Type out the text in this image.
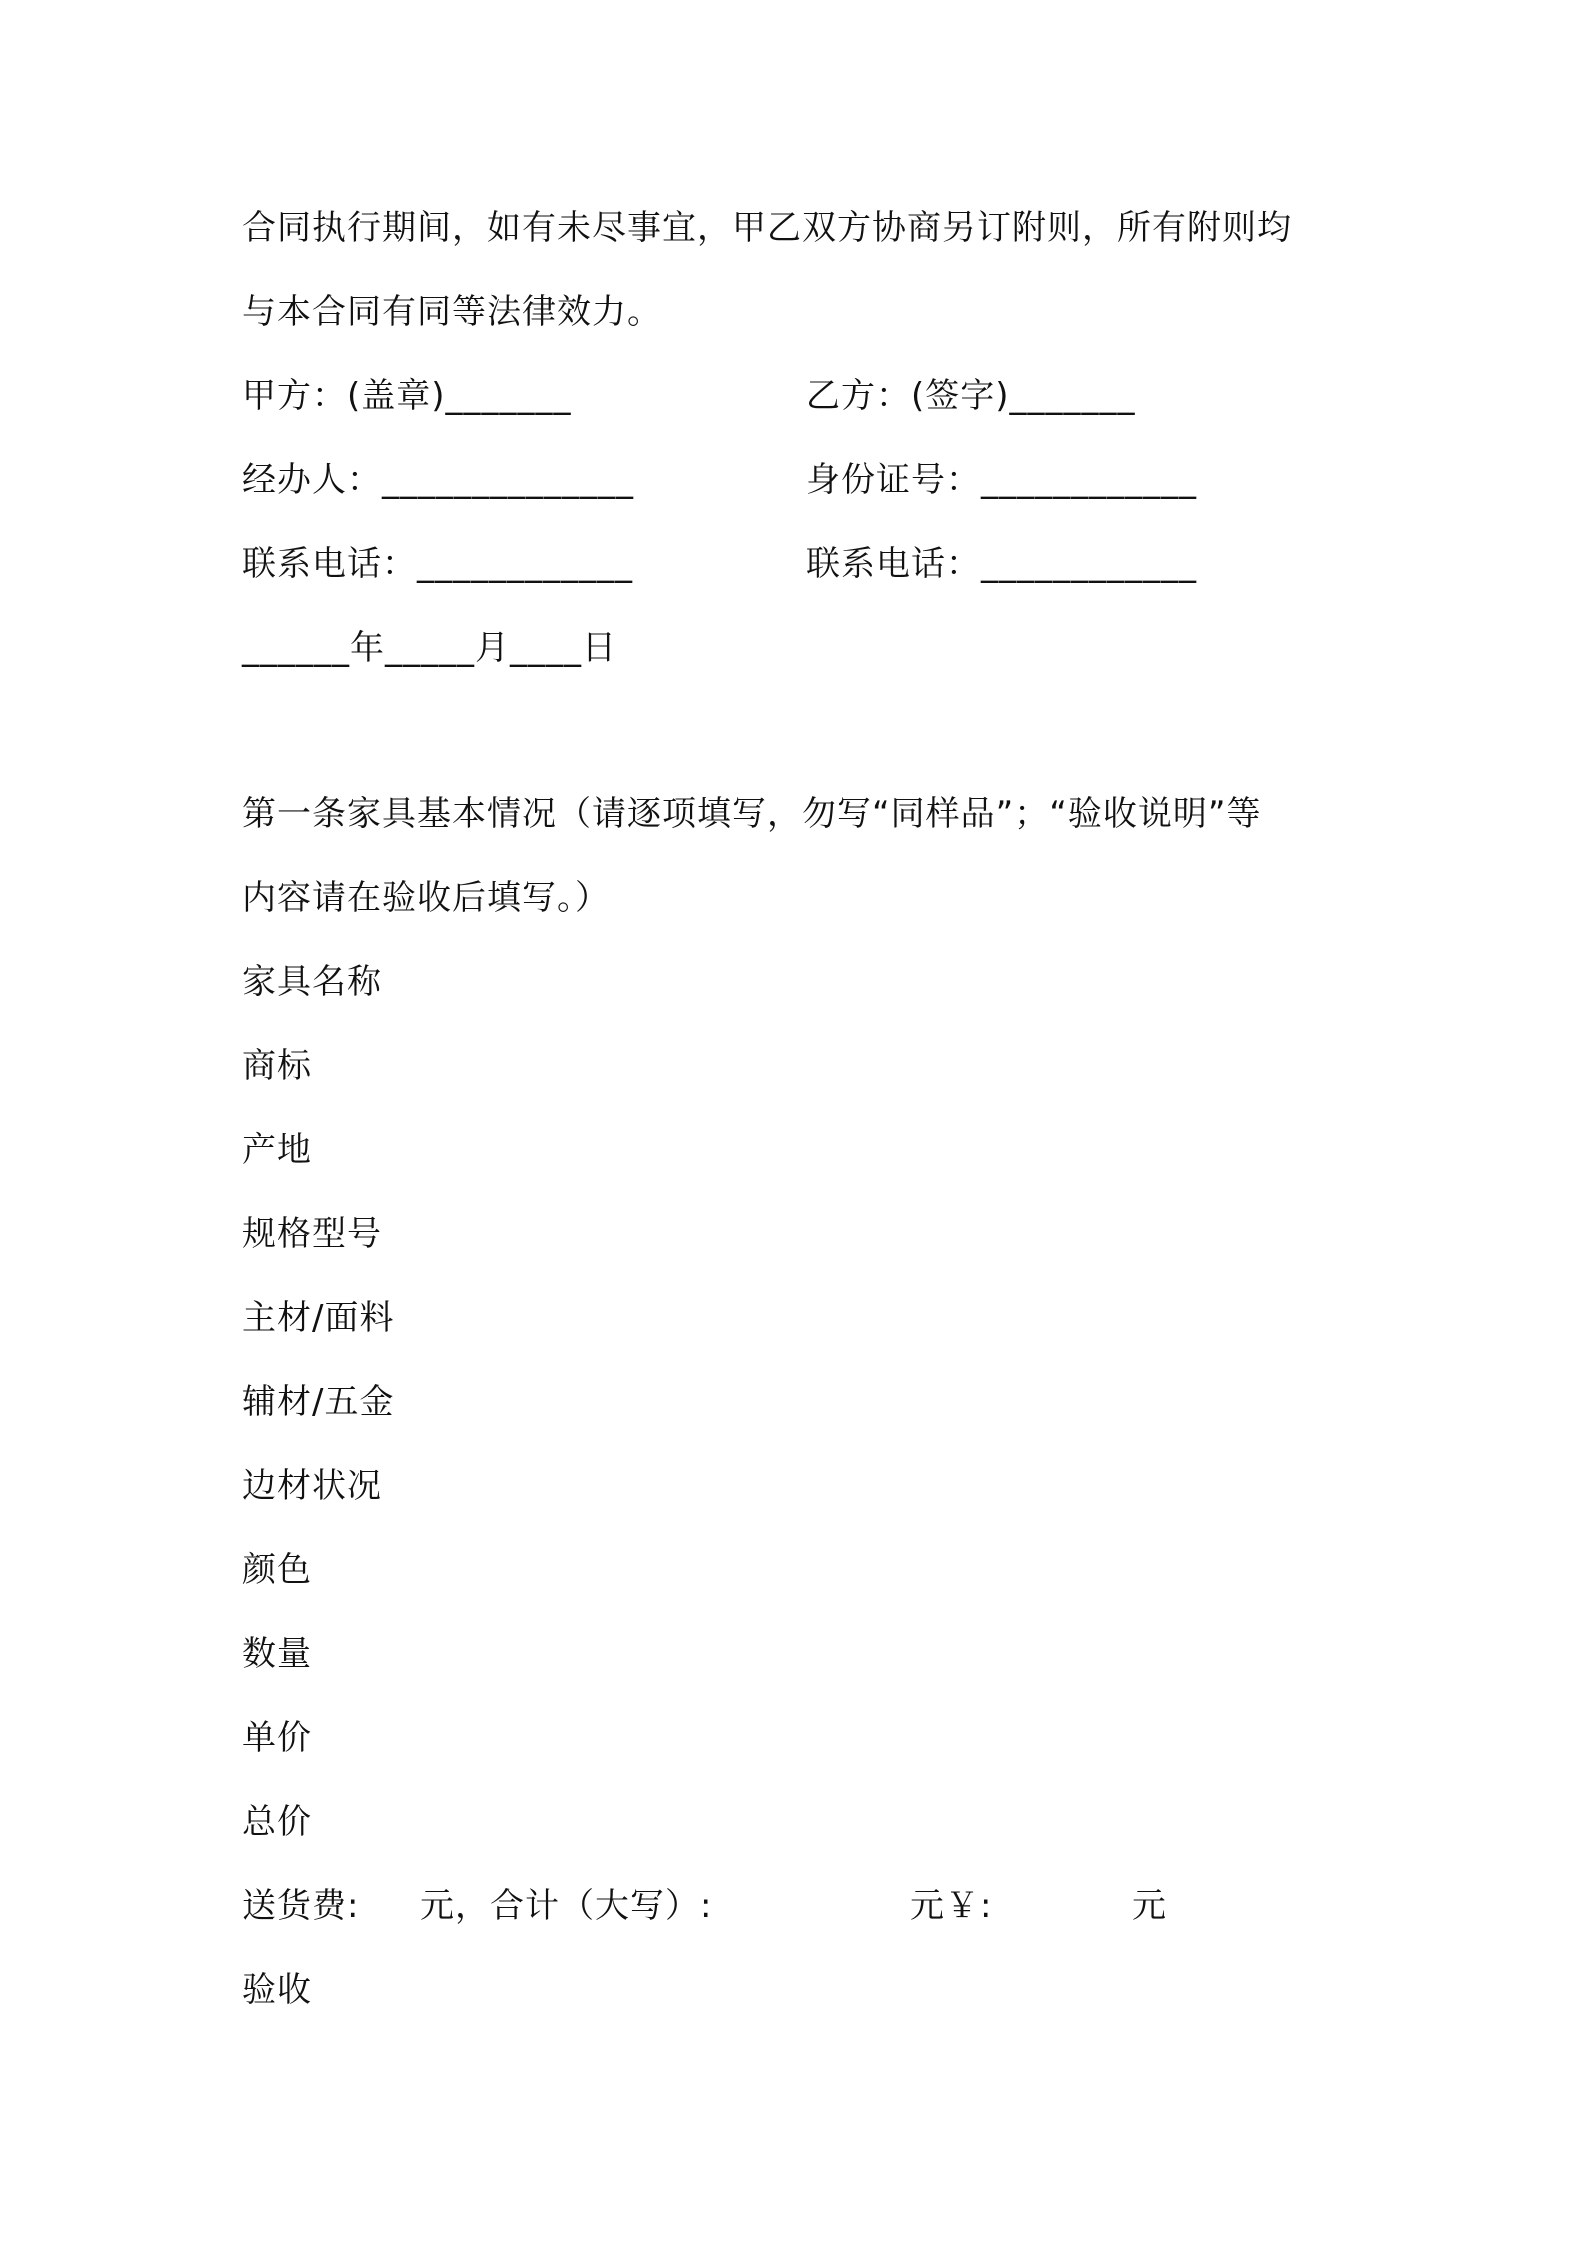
合同执行期间，如有未尽事宜，甲乙双方协商另订附则，所有附则均
与本合同有同等法律效力。
甲方：(盖章)_______	乙方：(签字)_______
经办人：______________	身份证号：____________
联系电话：____________	联系电话：____________
______年_____月____日
第一条家具基本情况（请逐项填写，勿写“同样品”；“验收说明”等
内容请在验收后填写。）
家具名称
商标
产地
规格型号
主材/面料
辅材/五金
边材状况
颜色
数量
单价
总价
送货费: 元，合计（大写）:	元￥:	元
验收
